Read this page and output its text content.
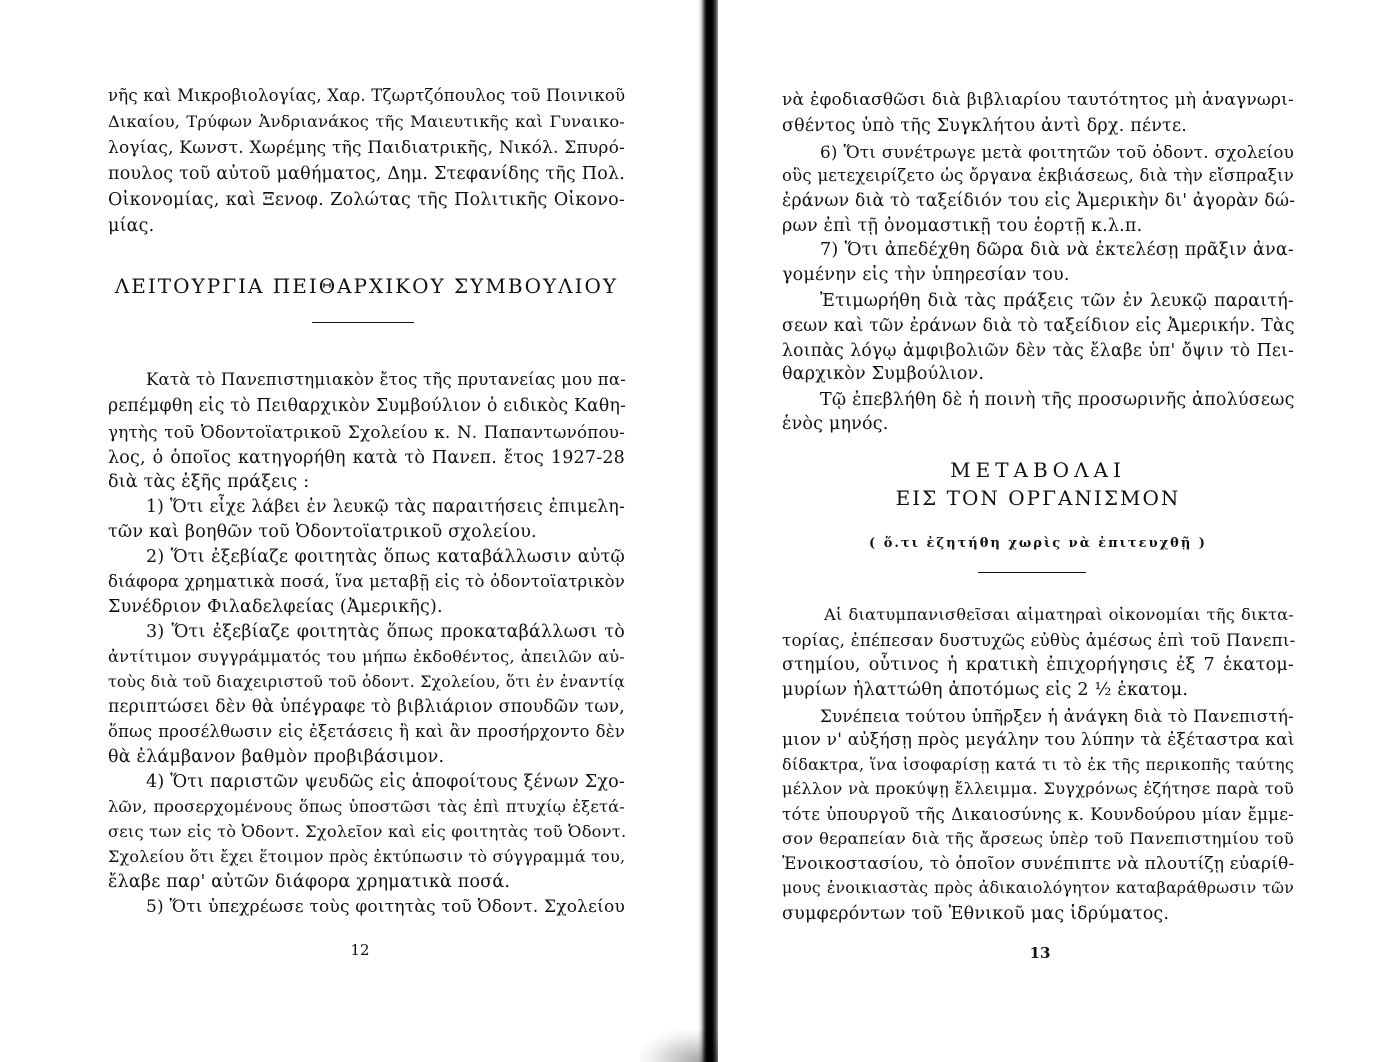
νῆς καὶ Μικροβιολογίας, Χαρ. Τζωρτζόπουλος τοῦ Ποινικοῦ
Δικαίου, Τρύφων Ἀνδριανάκος τῆς Μαιευτικῆς καὶ Γυναικο-
λογίας, Κωνστ. Χωρέμης τῆς Παιδιατρικῆς, Νικόλ. Σπυρό-
πουλος τοῦ αὐτοῦ μαθήματος, Δημ. Στεφανίδης τῆς Πολ.
Οἰκονομίας, καὶ Ξενοφ. Ζολώτας τῆς Πολιτικῆς Οἰκονο-
μίας.
ΛΕΙΤΟΥΡΓΙΑ ΠΕΙΘΑΡΧΙΚΟΥ ΣΥΜΒΟΥΛΙΟΥ
Κατὰ τὸ Πανεπιστημιακὸν ἔτος τῆς πρυτανείας μου πα-
ρεπέμφθη εἰς τὸ Πειθαρχικὸν Συμβούλιον ὁ ειδικὸς Καθη-
γητὴς τοῦ Ὀδοντοϊατρικοῦ Σχολείου κ. Ν. Παπαντωνόπου-
λος, ὁ ὁποῖος κατηγορήθη κατὰ τὸ Πανεπ. ἔτος 1927-28
διὰ τὰς ἑξῆς πράξεις :
1) Ὅτι εἶχε λάβει ἐν λευκῷ τὰς παραιτήσεις ἐπιμελη-
τῶν καὶ βοηθῶν τοῦ Ὀδοντοϊατρικοῦ σχολείου.
2) Ὅτι ἐξεβίαζε φοιτητὰς ὅπως καταβάλλωσιν αὐτῷ
διάφορα χρηματικὰ ποσά, ἵνα μεταβῇ εἰς τὸ ὀδοντοϊατρικὸν
Συνέδριον Φιλαδελφείας (Ἀμερικῆς).
3) Ὅτι ἐξεβίαζε φοιτητὰς ὅπως προκαταβάλλωσι τὸ
ἀντίτιμον συγγράμματός του μήπω ἐκδοθέντος, ἀπειλῶν αὐ-
τοὺς διὰ τοῦ διαχειριστοῦ τοῦ ὀδοντ. Σχολείου, ὅτι ἐν ἐναντίᾳ
περιπτώσει δὲν θὰ ὑπέγραφε τὸ βιβλιάριον σπουδῶν των,
ὅπως προσέλθωσιν εἰς ἐξετάσεις ἢ καὶ ἂν προσήρχοντο δὲν
θὰ ἐλάμβανον βαθμὸν προβιβάσιμον.
4) Ὅτι παριστῶν ψευδῶς εἰς ἀποφοίτους ξένων Σχο-
λῶν, προσερχομένους ὅπως ὑποστῶσι τὰς ἐπὶ πτυχίῳ ἐξετά-
σεις των εἰς τὸ Ὀδοντ. Σχολεῖον καὶ εἰς φοιτητὰς τοῦ Ὀδοντ.
Σχολείου ὅτι ἔχει ἕτοιμον πρὸς ἐκτύπωσιν τὸ σύγγραμμά του,
ἔλαβε παρ' αὐτῶν διάφορα χρηματικὰ ποσά.
5) Ὅτι ὑπεχρέωσε τοὺς φοιτητὰς τοῦ Ὀδοντ. Σχολείου
12
νὰ ἐφοδιασθῶσι διὰ βιβλιαρίου ταυτότητος μὴ ἀναγνωρι-
σθέντος ὑπὸ τῆς Συγκλήτου ἀντὶ δρχ. πέντε.
6) Ὅτι συνέτρωγε μετὰ φοιτητῶν τοῦ ὀδοντ. σχολείου
οὓς μετεχειρίζετο ὡς ὄργανα ἐκβιάσεως, διὰ τὴν εἴσπραξιν
ἐράνων διὰ τὸ ταξείδιόν του εἰς Ἀμερικὴν δι' ἀγορὰν δώ-
ρων ἐπὶ τῇ ὀνομαστικῇ του ἑορτῇ κ.λ.π.
7) Ὅτι ἀπεδέχθη δῶρα διὰ νὰ ἐκτελέσῃ πρᾶξιν ἀνα-
γομένην εἰς τὴν ὑπηρεσίαν του.
Ἐτιμωρήθη διὰ τὰς πράξεις τῶν ἐν λευκῷ παραιτή-
σεων καὶ τῶν ἐράνων διὰ τὸ ταξείδιον εἰς Ἀμερικήν. Τὰς
λοιπὰς λόγῳ ἀμφιβολιῶν δὲν τὰς ἔλαβε ὑπ' ὄψιν τὸ Πει-
θαρχικὸν Συμβούλιον.
Τῷ ἐπεβλήθη δὲ ἡ ποινὴ τῆς προσωρινῆς ἀπολύσεως
ἑνὸς μηνός.
ΜΕΤΑΒΟΛΑΙ
ΕΙΣ ΤΟΝ ΟΡΓΑΝΙΣΜΟΝ
( ὅ.τι ἐζητήθη χωρὶς νὰ ἐπιτευχθῇ )
Αἱ διατυμπανισθεῖσαι αἱματηραὶ οἰκονομίαι τῆς δικτα-
τορίας, ἐπέπεσαν δυστυχῶς εὐθὺς ἀμέσως ἐπὶ τοῦ Πανεπι-
στημίου, οὗτινος ἡ κρατικὴ ἐπιχορήγησις ἐξ 7 ἑκατομ-
μυρίων ἠλαττώθη ἀποτόμως εἰς 2 ½ ἑκατομ.
Συνέπεια τούτου ὑπῆρξεν ἡ ἀνάγκη διὰ τὸ Πανεπιστή-
μιον ν' αὐξήσῃ πρὸς μεγάλην του λύπην τὰ ἐξέταστρα καὶ
δίδακτρα, ἵνα ἰσοφαρίσῃ κατά τι τὸ ἐκ τῆς περικοπῆς ταύτης
μέλλον νὰ προκύψῃ ἔλλειμμα. Συγχρόνως ἐζήτησε παρὰ τοῦ
τότε ὑπουργοῦ τῆς Δικαιοσύνης κ. Κουνδούρου μίαν ἔμμε-
σον θεραπείαν διὰ τῆς ἄρσεως ὑπὲρ τοῦ Πανεπιστημίου τοῦ
Ἐνοικοστασίου, τὸ ὁποῖον συνέπιπτε νὰ πλουτίζῃ εὐαρίθ-
μους ἐνοικιαστὰς πρὸς ἀδικαιολόγητον καταβαράθρωσιν τῶν
συμφερόντων τοῦ Ἐθνικοῦ μας ἱδρύματος.
13
